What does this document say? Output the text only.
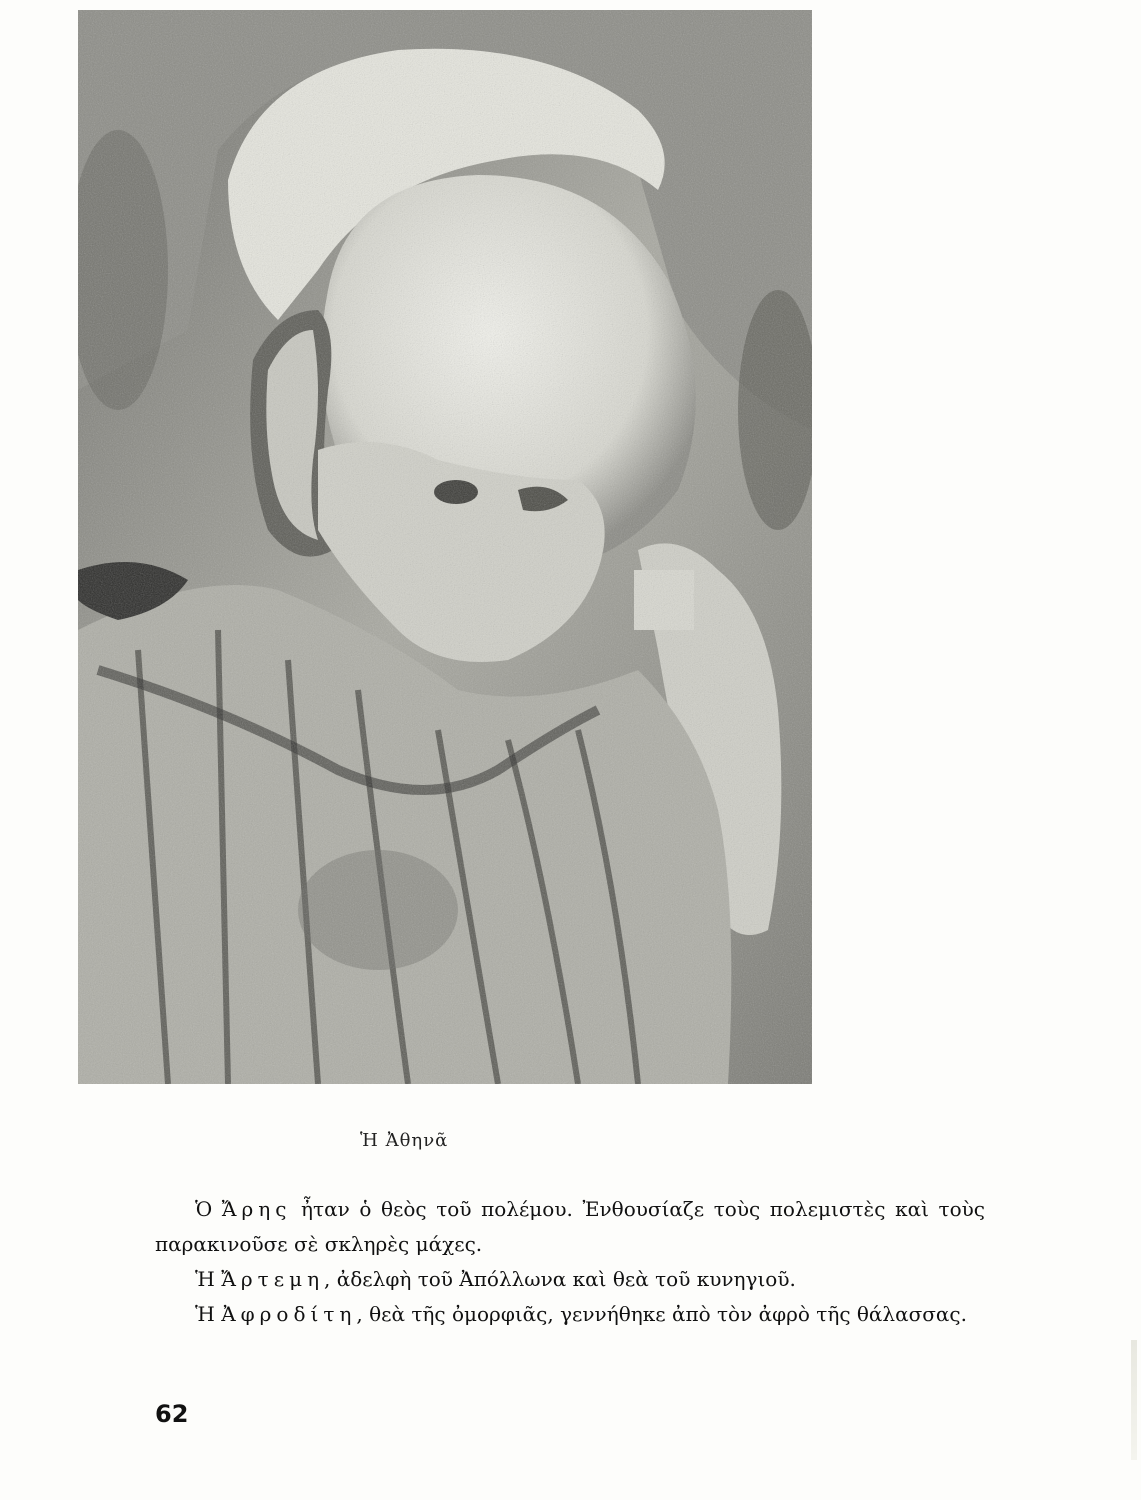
Ἡ Ἀθηνᾶ

Ὁ Ἄρης ἦταν ὁ θεὸς τοῦ πολέμου. Ἐνθουσίαζε τοὺς πολεμιστὲς καὶ τοὺς παρακινοῦσε σὲ σκληρὲς μάχες.

Ἡ Ἄρτεμη, ἀδελφὴ τοῦ Ἀπόλλωνα καὶ θεὰ τοῦ κυνηγιοῦ.

Ἡ Ἀφροδίτη, θεὰ τῆς ὀμορφιᾶς, γεννήθηκε ἀπὸ τὸν ἀφρὸ τῆς θάλασσας.

62
